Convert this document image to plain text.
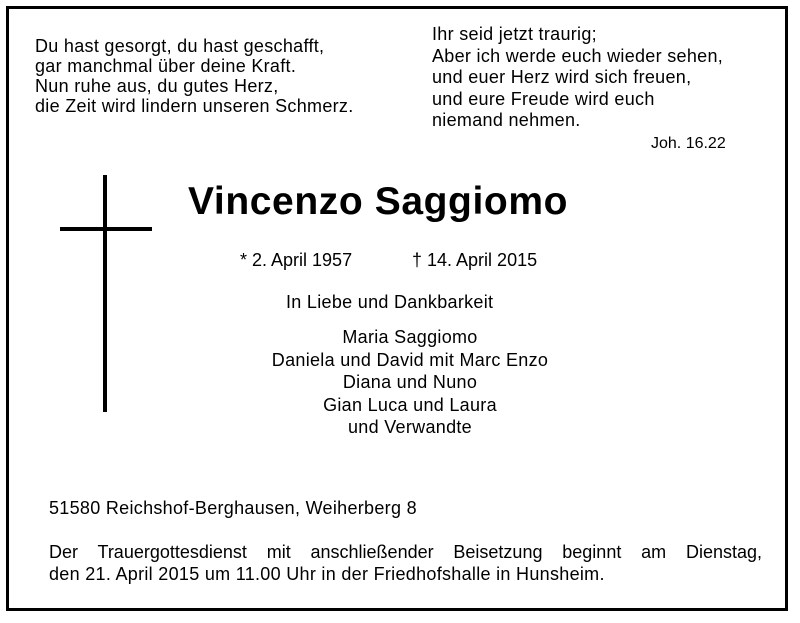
Du hast gesorgt, du hast geschafft,
gar manchmal über deine Kraft.
Nun ruhe aus, du gutes Herz,
die Zeit wird lindern unseren Schmerz.
Ihr seid jetzt traurig;
Aber ich werde euch wieder sehen,
und euer Herz wird sich freuen,
und eure Freude wird euch
niemand nehmen.
Joh. 16.22
Vincenzo Saggiomo
* 2. April 1957	† 14. April 2015
In Liebe und Dankbarkeit
Maria Saggiomo
Daniela und David mit Marc Enzo
Diana und Nuno
Gian Luca und Laura
und Verwandte
51580 Reichshof-Berghausen, Weiherberg 8
Der Trauergottesdienst mit anschließender Beisetzung beginnt am Dienstag,
den 21. April 2015 um 11.00 Uhr in der Friedhofshalle in Hunsheim.
